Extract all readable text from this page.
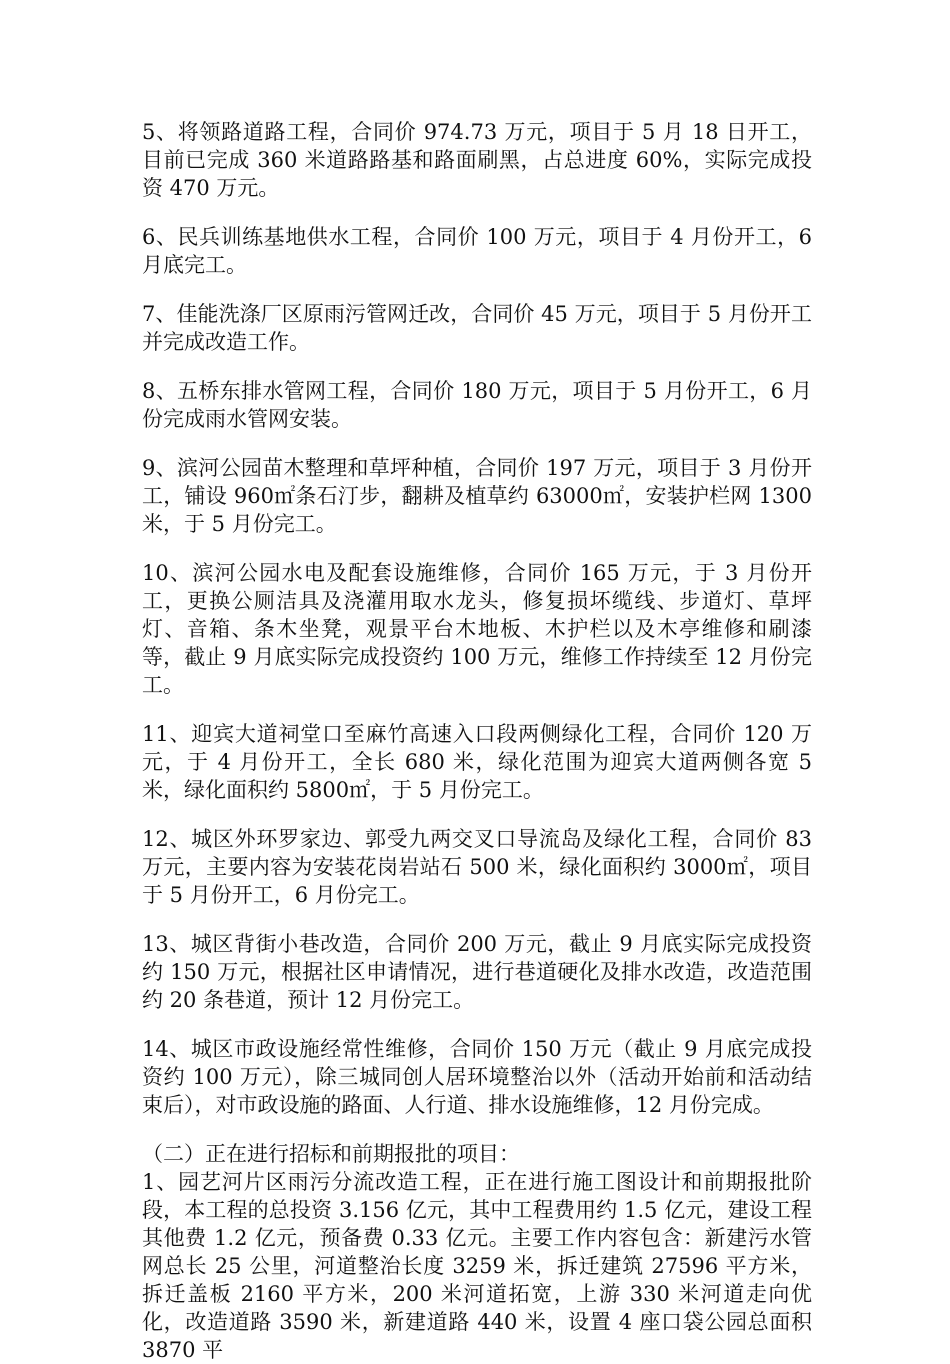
5、将领路道路工程，合同价 974.73 万元，项目于 5 月 18 日开工，目前已完成 360 米道路路基和路面刷黑，占总进度 60%，实际完成投资 470 万元。

6、民兵训练基地供水工程，合同价 100 万元，项目于 4 月份开工，6 月底完工。

7、佳能洗涤厂区原雨污管网迁改，合同价 45 万元，项目于 5 月份开工并完成改造工作。

8、五桥东排水管网工程，合同价 180 万元，项目于 5 月份开工，6 月份完成雨水管网安装。

9、滨河公园苗木整理和草坪种植，合同价 197 万元，项目于 3 月份开工，铺设 960㎡条石汀步，翻耕及植草约 63000㎡，安装护栏网 1300 米，于 5 月份完工。

10、滨河公园水电及配套设施维修，合同价 165 万元，于 3 月份开工，更换公厕洁具及浇灌用取水龙头，修复损坏缆线、步道灯、草坪灯、音箱、条木坐凳，观景平台木地板、木护栏以及木亭维修和刷漆等，截止 9 月底实际完成投资约 100 万元，维修工作持续至 12 月份完工。

11、迎宾大道祠堂口至麻竹高速入口段两侧绿化工程，合同价 120 万元，于 4 月份开工，全长 680 米，绿化范围为迎宾大道两侧各宽 5 米，绿化面积约 5800㎡，于 5 月份完工。

12、城区外环罗家边、郭受九两交叉口导流岛及绿化工程，合同价 83 万元，主要内容为安装花岗岩站石 500 米，绿化面积约 3000㎡，项目于 5 月份开工，6 月份完工。

13、城区背街小巷改造，合同价 200 万元，截止 9 月底实际完成投资约 150 万元，根据社区申请情况，进行巷道硬化及排水改造，改造范围约 20 条巷道，预计 12 月份完工。

14、城区市政设施经常性维修，合同价 150 万元（截止 9 月底完成投资约 100 万元），除三城同创人居环境整治以外（活动开始前和活动结束后），对市政设施的路面、人行道、排水设施维修，12 月份完成。

（二）正在进行招标和前期报批的项目：

1、园艺河片区雨污分流改造工程，正在进行施工图设计和前期报批阶段，本工程的总投资 3.156 亿元，其中工程费用约 1.5 亿元，建设工程其他费 1.2 亿元，预备费 0.33 亿元。主要工作内容包含：新建污水管网总长 25 公里，河道整治长度 3259 米，拆迁建筑 27596 平方米，拆迁盖板 2160 平方米，200 米河道拓宽，上游 330 米河道走向优化，改造道路 3590 米，新建道路 440 米，设置 4 座口袋公园总面积 3870 平
